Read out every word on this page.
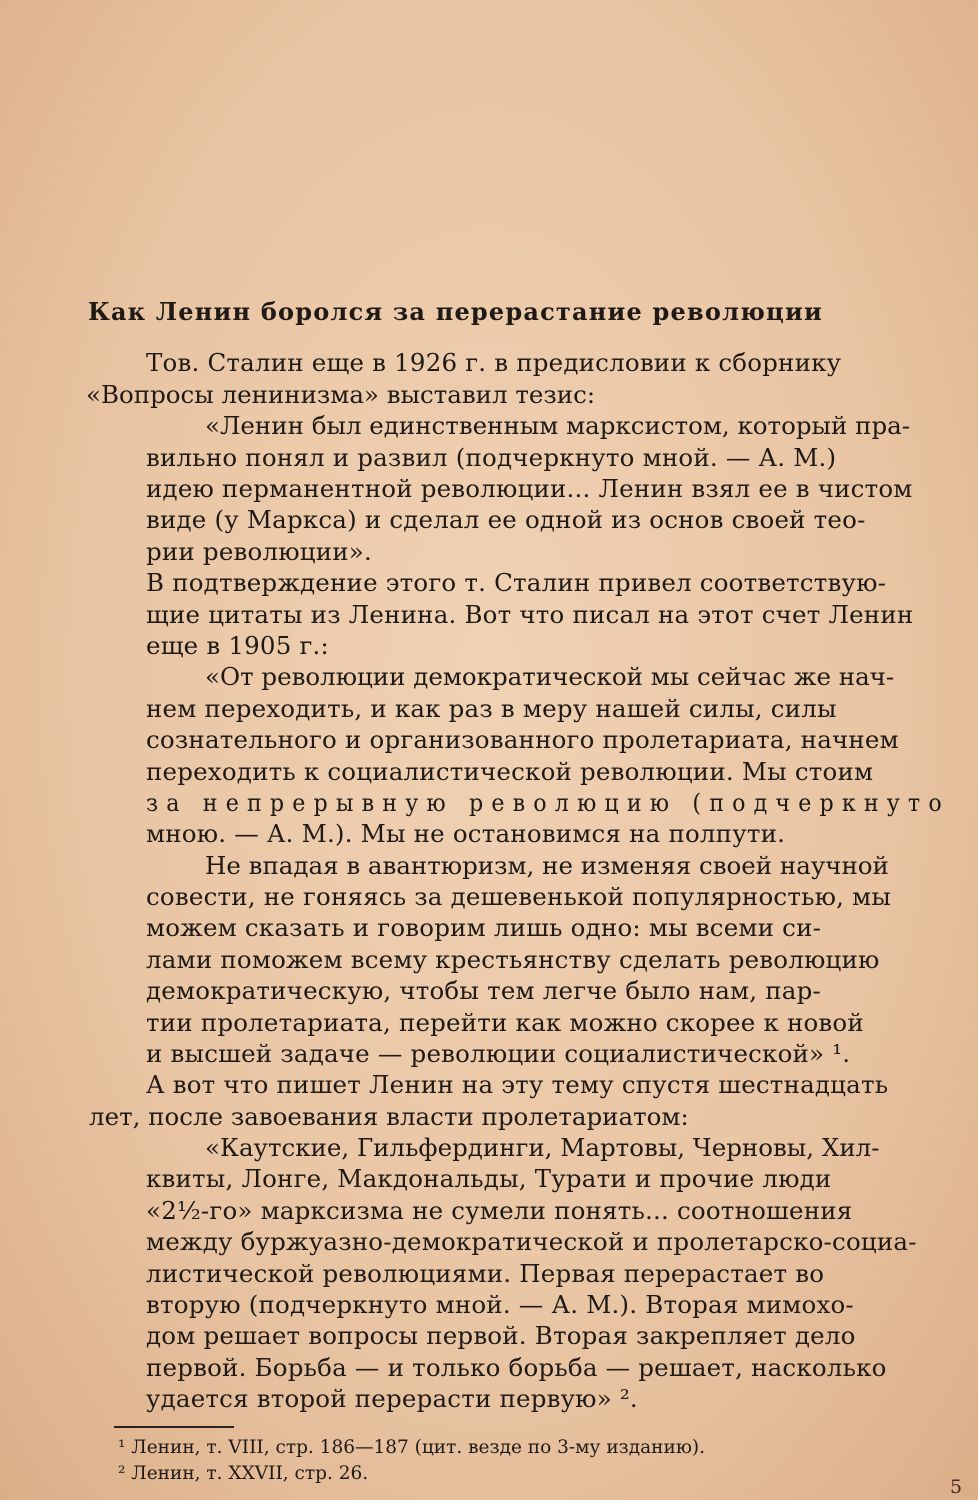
Как Ленин боролся за перерастание революции
Тов. Сталин еще в 1926 г. в предисловии к сборнику
«Вопросы ленинизма» выставил тезис:
«Ленин был единственным марксистом, который пра-
вильно понял и развил (подчеркнуто мной. — А. М.)
идею перманентной революции... Ленин взял ее в чистом
виде (у Маркса) и сделал ее одной из основ своей тео-
рии революции».
В подтверждение этого т. Сталин привел соответствую-
щие цитаты из Ленина. Вот что писал на этот счет Ленин
еще в 1905 г.:
«От революции демократической мы сейчас же нач-
нем переходить, и как раз в меру нашей силы, силы
сознательного и организованного пролетариата, начнем
переходить к социалистической революции. Мы стоим
за непрерывную революцию (подчеркнуто
мною. — А. М.). Мы не остановимся на полпути.
Не впадая в авантюризм, не изменяя своей научной
совести, не гоняясь за дешевенькой популярностью, мы
можем сказать и говорим лишь одно: мы всеми си-
лами поможем всему крестьянству сделать революцию
демократическую, чтобы тем легче было нам, пар-
тии пролетариата, перейти как можно скорее к новой
и высшей задаче — революции социалистической» ¹.
А вот что пишет Ленин на эту тему спустя шестнадцать
лет, после завоевания власти пролетариатом:
«Каутские, Гильфердинги, Мартовы, Черновы, Хил-
квиты, Лонге, Макдональды, Турати и прочие люди
«2½-го» марксизма не сумели понять... соотношения
между буржуазно-демократической и пролетарско-социа-
листической революциями. Первая перерастает во
вторую (подчеркнуто мной. — А. М.). Вторая мимохо-
дом решает вопросы первой. Вторая закрепляет дело
первой. Борьба — и только борьба — решает, насколько
удается второй перерасти первую» ².
¹ Ленин, т. VIII, стр. 186—187 (цит. везде по 3-му изданию).
² Ленин, т. XXVII, стр. 26.
5
